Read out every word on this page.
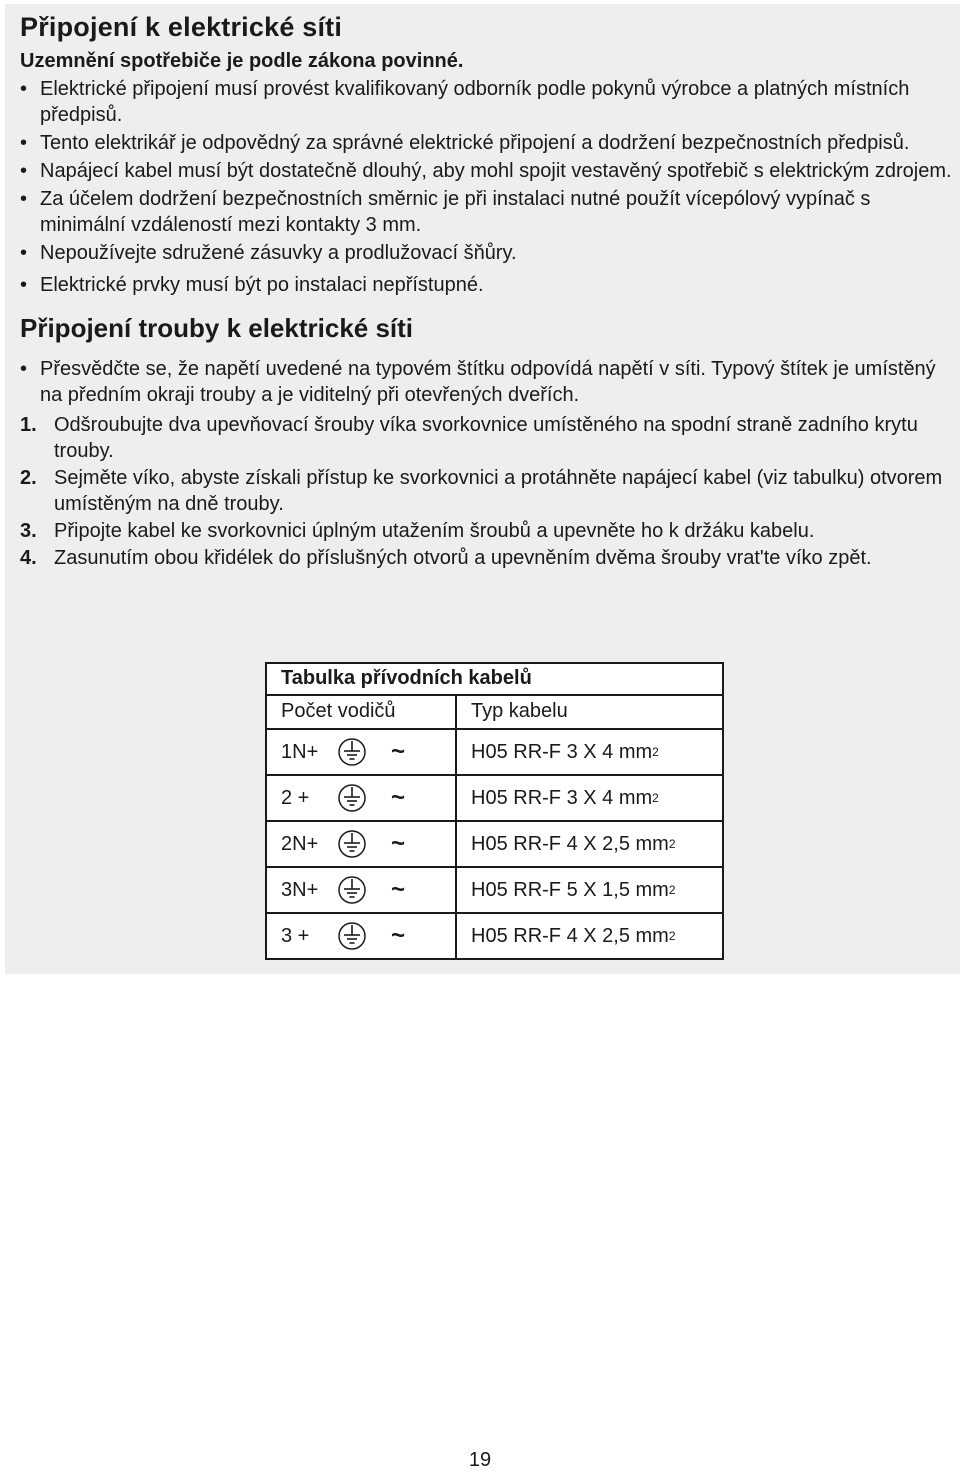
Připojení k elektrické síti
Uzemnění spotřebiče je podle zákona povinné.
• Elektrické připojení musí provést kvalifikovaný odborník podle pokynů výrobce a platných místních předpisů.
• Tento elektrikář je odpovědný za správné elektrické připojení a dodržení bezpečnostních předpisů.
• Napájecí kabel musí být dostatečně dlouhý, aby mohl spojit vestavěný spotřebič s elektrickým zdrojem.
• Za účelem dodržení bezpečnostních směrnic je při instalaci nutné použít vícepólový vypínač s minimální vzdáleností mezi kontakty 3 mm.
• Nepoužívejte sdružené zásuvky a prodlužovací šňůry.
• Elektrické prvky musí být po instalaci nepřístupné.
Připojení trouby k elektrické síti
• Přesvědčte se, že napětí uvedené na typovém štítku odpovídá napětí v síti. Typový štítek je umístěný na předním okraji trouby a je viditelný při otevřených dveřích.
1. Odšroubujte dva upevňovací šrouby víka svorkovnice umístěného na spodní straně zadního krytu trouby.
2. Sejměte víko, abyste získali přístup ke svorkovnici a protáhněte napájecí kabel (viz tabulku) otvorem umístěným na dně trouby.
3. Připojte kabel ke svorkovnici úplným utažením šroubů a upevněte ho k držáku kabelu.
4. Zasunutím obou křidélek do příslušných otvorů a upevněním dvěma šrouby vrat'te víko zpět.
Tabulka přívodních kabelů
Počet vodičů	Typ kabelu
1N+	~	H05 RR-F 3 X 4 mm 2
2 +	~	H05 RR-F 3 X 4 mm 2
2N+	~	H05 RR-F 4 X 2,5 mm 2
3N+	~	H05 RR-F 5 X 1,5 mm 2
3 +	~	H05 RR-F 4 X 2,5 mm 2
19
